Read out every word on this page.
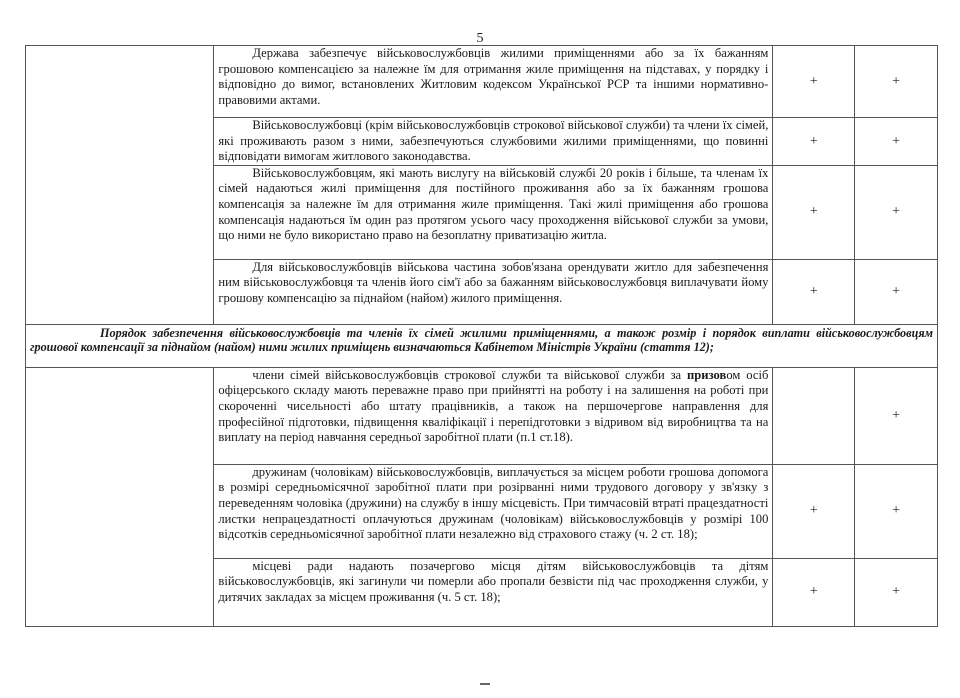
5
	Держава забезпечує військовослужбовців жилими приміщеннями або за їх бажанням грошовою компенсацією за належне їм для отримання жиле приміщення на підставах, у порядку і відповідно до вимог, встановлених Житловим кодексом Української РСР та іншими нормативно-правовими актами.	+	+
	Військовослужбовці (крім військовослужбовців строкової військової служби) та члени їх сімей, які проживають разом з ними, забезпечуються службовими жилими приміщеннями, що повинні відповідати вимогам житлового законодавства.	+	+
	Військовослужбовцям, які мають вислугу на військовій службі 20 років і більше, та членам їх сімей надаються жилі приміщення для постійного проживання або за їх бажанням грошова компенсація за належне їм для отримання жиле приміщення. Такі жилі приміщення або грошова компенсація надаються їм один раз протягом усього часу проходження військової служби за умови, що ними не було використано право на безоплатну приватизацію житла.	+	+
	Для військовослужбовців військова частина зобов'язана орендувати житло для забезпечення ним військовослужбовця та членів його сім'ї або за бажанням військовослужбовця виплачувати йому грошову компенсацію за піднайом (найом) жилого приміщення.	+	+
Порядок забезпечення військовослужбовців та членів їх сімей жилими приміщеннями, а також розмір і порядок виплати військовослужбовцям грошової компенсації за піднайом (найом) ними жилих приміщень визначаються Кабінетом Міністрів України (стаття 12);			
	члени сімей військовослужбовців строкової служби та військової служби за призовом осіб офіцерського складу мають переважне право при прийнятті на роботу і на залишення на роботі при скороченні чисельності або штату працівників, а також на першочергове направлення для професійної підготовки, підвищення кваліфікації і перепідготовки з відривом від виробництва та на виплату на період навчання середньої заробітної плати (п.1 ст.18).		+
	дружинам (чоловікам) військовослужбовців, виплачується за місцем роботи грошова допомога в розмірі середньомісячної заробітної плати при розірванні ними трудового договору у зв'язку з переведенням чоловіка (дружини) на службу в іншу місцевість. При тимчасовій втраті працездатності листки непрацездатності оплачуються дружинам (чоловікам) військовослужбовців у розмірі 100 відсотків середньомісячної заробітної плати незалежно від страхового стажу (ч. 2 ст. 18);	+	+
	місцеві ради надають позачергово місця дітям військовослужбовців та дітям військовослужбовців, які загинули чи померли або пропали безвісти під час проходження служби, у дитячих закладах за місцем проживання (ч. 5 ст. 18);	+	+
